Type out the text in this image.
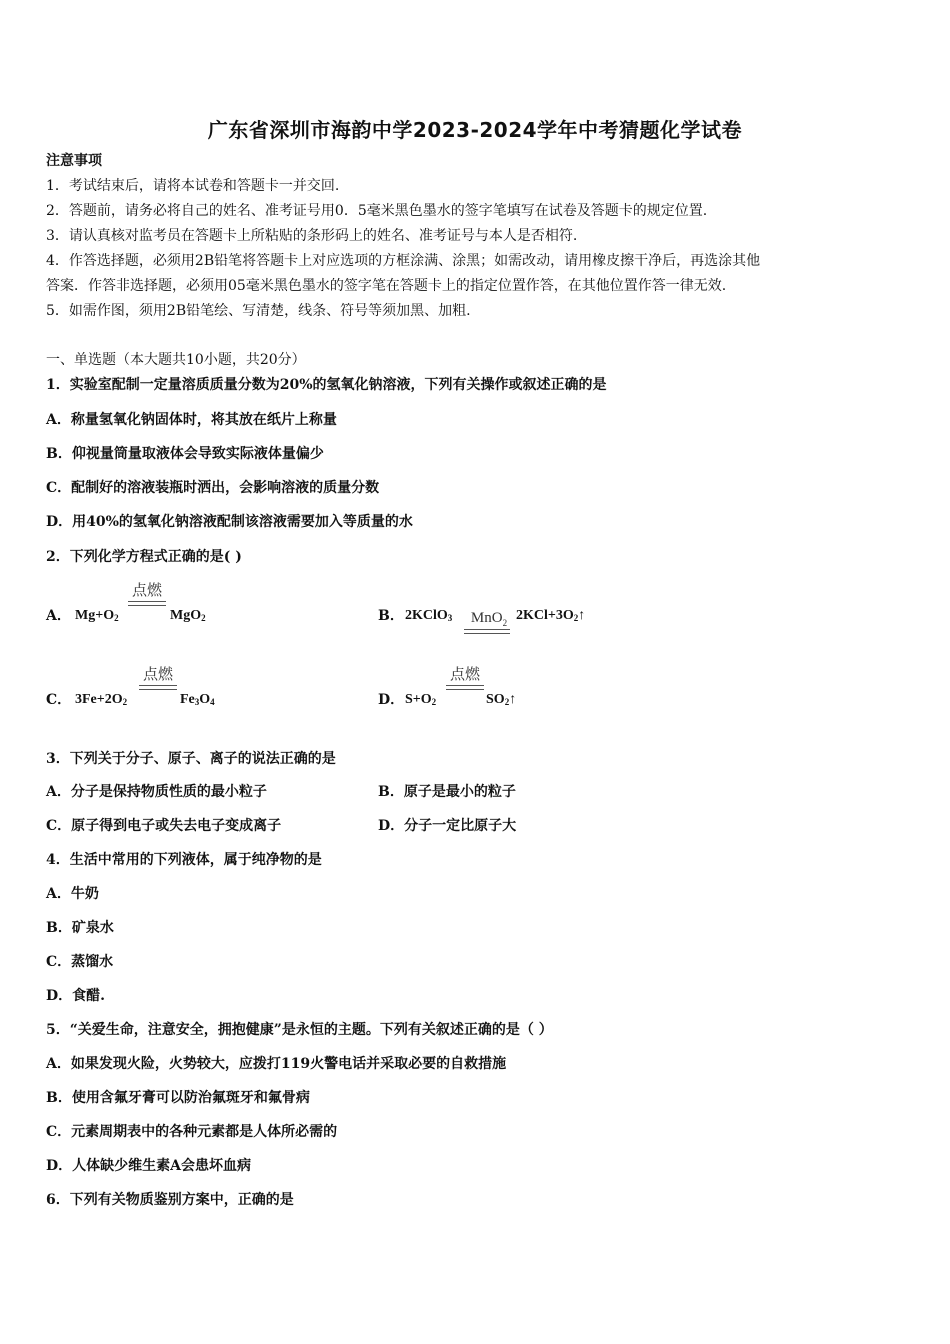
广东省深圳市海韵中学2023-2024学年中考猜题化学试卷
注意事项
1．考试结束后，请将本试卷和答题卡一并交回.
2．答题前，请务必将自己的姓名、准考证号用0．5毫米黑色墨水的签字笔填写在试卷及答题卡的规定位置.
3．请认真核对监考员在答题卡上所粘贴的条形码上的姓名、准考证号与本人是否相符.
4．作答选择题，必须用2B铅笔将答题卡上对应选项的方框涂满、涂黑；如需改动，请用橡皮擦干净后，再选涂其他
答案．作答非选择题，必须用05毫米黑色墨水的签字笔在答题卡上的指定位置作答，在其他位置作答一律无效.
5．如需作图，须用2B铅笔绘、写清楚，线条、符号等须加黑、加粗.
一、单选题（本大题共10小题，共20分）
1．实验室配制一定量溶质质量分数为20%的氢氧化钠溶液，下列有关操作或叙述正确的是
A．称量氢氧化钠固体时，将其放在纸片上称量
B．仰视量筒量取液体会导致实际液体量偏少
C．配制好的溶液装瓶时洒出，会影响溶液的质量分数
D．用40%的氢氧化钠溶液配制该溶液需要加入等质量的水
2．下列化学方程式正确的是( )
A． $Mg+O_2$
点燃
MgO$_2$	B． 2KClO$_3$	MnO$_2$ $2KCl+3O_2↑$
C． $3Fe+2O_2$
点燃
$Fe_3O_4$	D． $S+O_2$
点燃
$SO_2↑$
3．下列关于分子、原子、离子的说法正确的是
A．分子是保持物质性质的最小粒子	B．原子是最小的粒子
C．原子得到电子或失去电子变成离子	D．分子一定比原子大
4．生活中常用的下列液体，属于纯净物的是
A．牛奶
B．矿泉水
C．蒸馏水
D．食醋.
5．“关爱生命，注意安全，拥抱健康”是永恒的主题。下列有关叙述正确的是（ ）
A．如果发现火险，火势较大，应拨打119火警电话并采取必要的自救措施
B．使用含氟牙膏可以防治氟斑牙和氟骨病
C．元素周期表中的各种元素都是人体所必需的
D．人体缺少维生素A会患坏血病
6．下列有关物质鉴别方案中，正确的是
